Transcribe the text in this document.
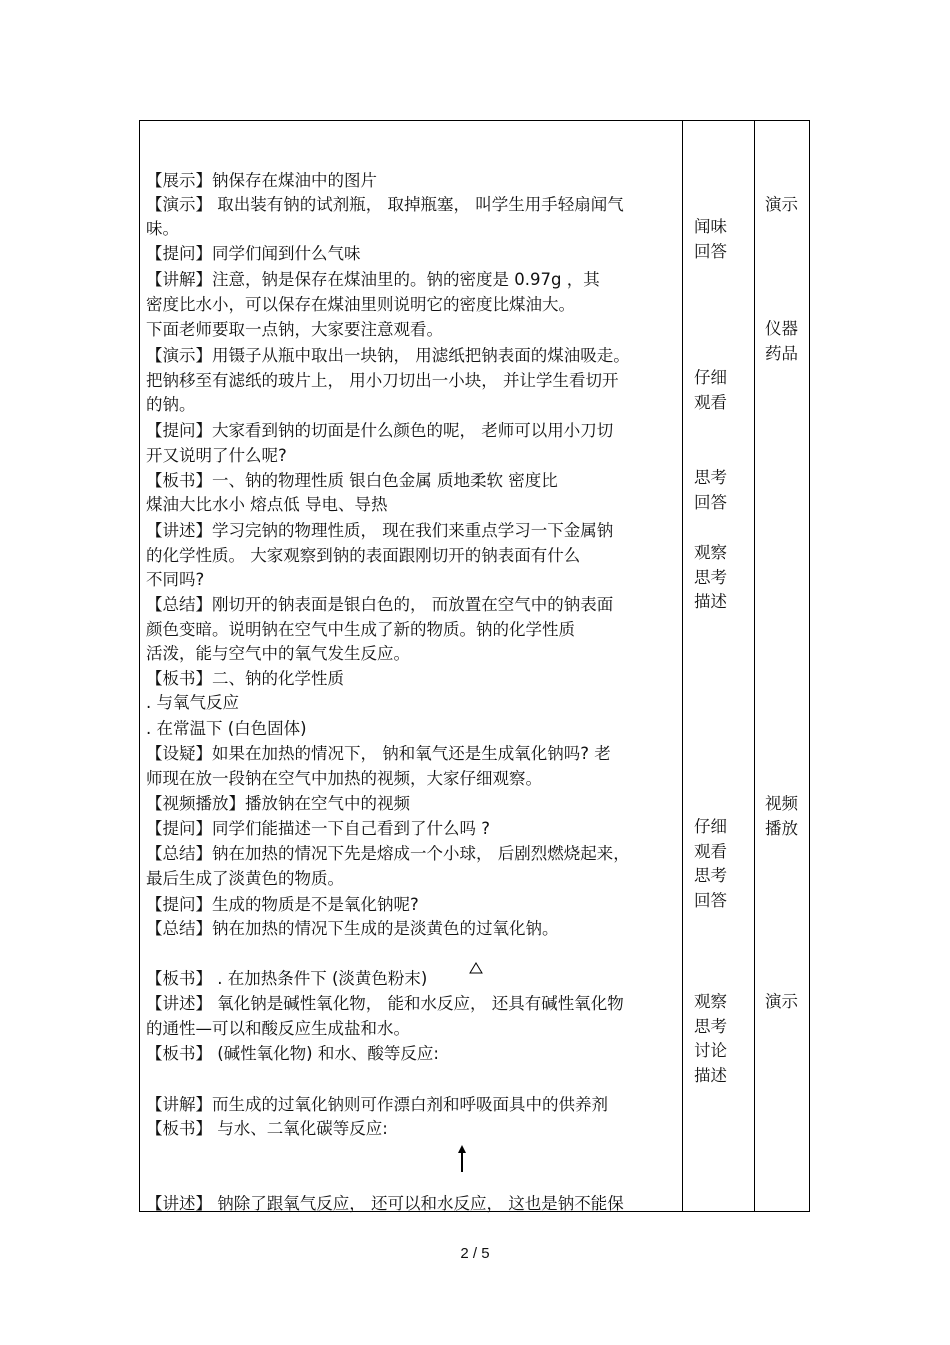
【展示】钠保存在煤油中的图片
【演示】 取出装有钠的试剂瓶， 取掉瓶塞， 叫学生用手轻扇闻气
味。
【提问】同学们闻到什么气味
【讲解】注意，钠是保存在煤油里的。钠的密度是 0.97g ，其
密度比水小，可以保存在煤油里则说明它的密度比煤油大。
下面老师要取一点钠，大家要注意观看。
【演示】用镊子从瓶中取出一块钠， 用滤纸把钠表面的煤油吸走。
把钠移至有滤纸的玻片上， 用小刀切出一小块， 并让学生看切开
的钠。
【提问】大家看到钠的切面是什么颜色的呢， 老师可以用小刀切
开又说明了什么呢?
【板书】一、钠的物理性质 银白色金属 质地柔软 密度比
煤油大比水小 熔点低 导电、导热
【讲述】学习完钠的物理性质， 现在我们来重点学习一下金属钠
的化学性质。 大家观察到钠的表面跟刚切开的钠表面有什么
不同吗?
【总结】刚切开的钠表面是银白色的， 而放置在空气中的钠表面
颜色变暗。说明钠在空气中生成了新的物质。钠的化学性质
活泼，能与空气中的氧气发生反应。
【板书】二、钠的化学性质
. 与氧气反应
. 在常温下 (白色固体)
【设疑】如果在加热的情况下， 钠和氧气还是生成氧化钠吗? 老
师现在放一段钠在空气中加热的视频，大家仔细观察。
【视频播放】播放钠在空气中的视频
【提问】同学们能描述一下自己看到了什么吗 ?
【总结】钠在加热的情况下先是熔成一个小球， 后剧烈燃烧起来，
最后生成了淡黄色的物质。
【提问】生成的物质是不是氧化钠呢?
【总结】钠在加热的情况下生成的是淡黄色的过氧化钠。
【板书】 . 在加热条件下 (淡黄色粉末)
【讲述】 氧化钠是碱性氧化物， 能和水反应， 还具有碱性氧化物
的通性—可以和酸反应生成盐和水。
【板书】 (碱性氧化物) 和水、酸等反应:
【讲解】而生成的过氧化钠则可作漂白剂和呼吸面具中的供养剂
【板书】 与水、二氧化碳等反应:
【讲述】 钠除了跟氧气反应， 还可以和水反应， 这也是钠不能保
闻味
回答
仔细
观看
思考
回答
观察
思考
描述
仔细
观看
思考
回答
观察
思考
讨论
描述
演示
仪器
药品
视频
播放
演示
2 / 5
